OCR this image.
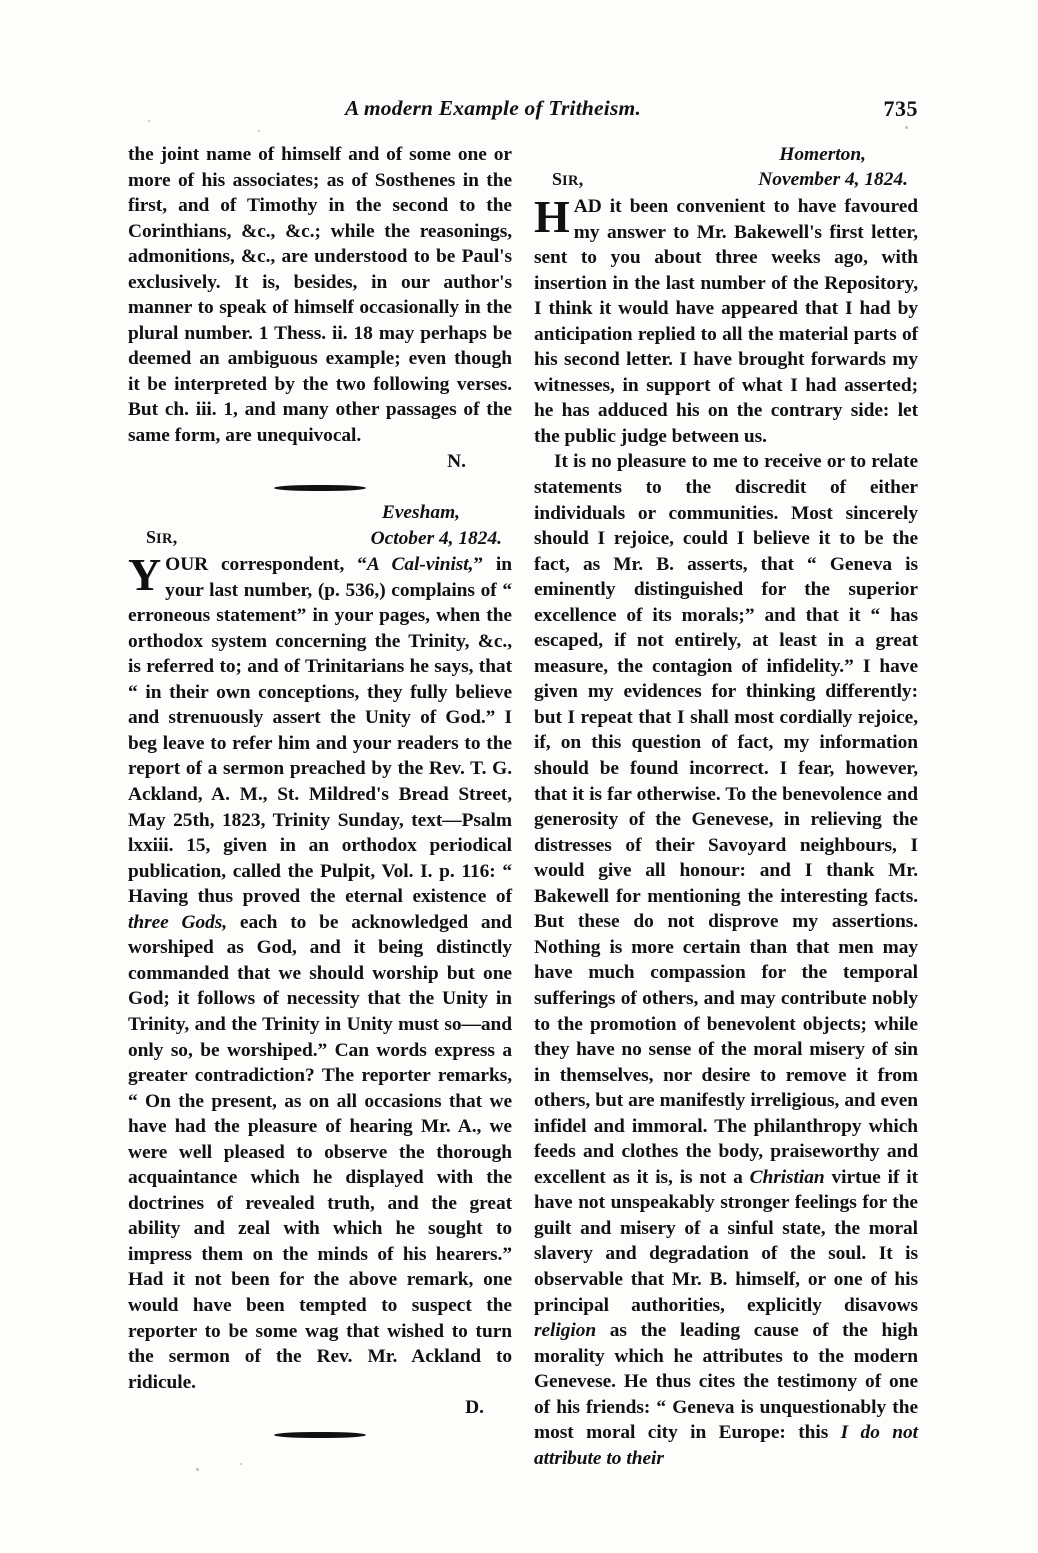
A modern Example of Tritheism.	735

the joint name of himself and of some one or more of his associates; as of Sosthenes in the first, and of Timothy in the second to the Corinthians, &c., &c.; while the reasonings, admonitions, &c., are understood to be Paul's exclusively. It is, besides, in our author's manner to speak of himself occasionally in the plural number. 1 Thess. ii. 18 may perhaps be deemed an ambiguous example; even though it be interpreted by the two following verses. But ch. iii. 1, and many other passages of the same form, are unequivocal.

N.

Evesham,
October 4, 1824.
SIR,
YOUR correspondent, “A Cal-vinist,” in your last number, (p. 536,) complains of “ erroneous statement” in your pages, when the orthodox system concerning the Trinity, &c., is referred to; and of Trinitarians he says, that “ in their own conceptions, they fully believe and strenuously assert the Unity of God.” I beg leave to refer him and your readers to the report of a sermon preached by the Rev. T. G. Ackland, A. M., St. Mildred's Bread Street, May 25th, 1823, Trinity Sunday, text—Psalm lxxiii. 15, given in an orthodox periodical publication, called the Pulpit, Vol. I. p. 116: “ Having thus proved the eternal existence of three Gods, each to be acknowledged and worshiped as God, and it being distinctly commanded that we should worship but one God; it follows of necessity that the Unity in Trinity, and the Trinity in Unity must so—and only so, be worshiped.” Can words express a greater contradiction? The reporter remarks, “ On the present, as on all occasions that we have had the pleasure of hearing Mr. A., we were well pleased to observe the thorough acquaintance which he displayed with the doctrines of revealed truth, and the great ability and zeal with which he sought to impress them on the minds of his hearers.” Had it not been for the above remark, one would have been tempted to suspect the reporter to be some wag that wished to turn the sermon of the Rev. Mr. Ackland to ridicule.

D.

Homerton,
November 4, 1824.
SIR,
HAD it been convenient to have favoured my answer to Mr. Bakewell's first letter, sent to you about three weeks ago, with insertion in the last number of the Repository, I think it would have appeared that I had by anticipation replied to all the material parts of his second letter. I have brought forwards my witnesses, in support of what I had asserted; he has adduced his on the contrary side: let the public judge between us.

It is no pleasure to me to receive or to relate statements to the discredit of either individuals or communities. Most sincerely should I rejoice, could I believe it to be the fact, as Mr. B. asserts, that “ Geneva is eminently distinguished for the superior excellence of its morals;” and that it “ has escaped, if not entirely, at least in a great measure, the contagion of infidelity.” I have given my evidences for thinking differently: but I repeat that I shall most cordially rejoice, if, on this question of fact, my information should be found incorrect. I fear, however, that it is far otherwise. To the benevolence and generosity of the Genevese, in relieving the distresses of their Savoyard neighbours, I would give all honour: and I thank Mr. Bakewell for mentioning the interesting facts. But these do not disprove my assertions. Nothing is more certain than that men may have much compassion for the temporal sufferings of others, and may contribute nobly to the promotion of benevolent objects; while they have no sense of the moral misery of sin in themselves, nor desire to remove it from others, but are manifestly irreligious, and even infidel and immoral. The philanthropy which feeds and clothes the body, praiseworthy and excellent as it is, is not a Christian virtue if it have not unspeakably stronger feelings for the guilt and misery of a sinful state, the moral slavery and degradation of the soul. It is observable that Mr. B. himself, or one of his principal authorities, explicitly disavows religion as the leading cause of the high morality which he attributes to the modern Genevese. He thus cites the testimony of one of his friends: “ Geneva is unquestionably the most moral city in Europe: this I do not attribute to their
